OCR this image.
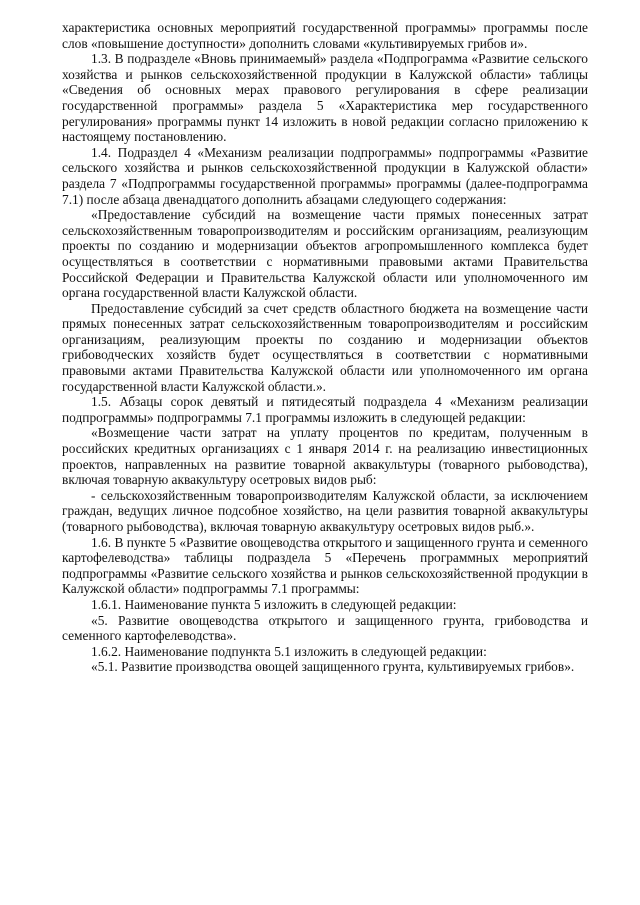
характеристика основных мероприятий государственной программы» программы после слов «повышение доступности» дополнить словами «культивируемых грибов и».

1.3. В подразделе «Вновь принимаемый» раздела «Подпрограмма «Развитие сельского хозяйства и рынков сельскохозяйственной продукции в Калужской области» таблицы «Сведения об основных мерах правового регулирования в сфере реализации государственной программы» раздела 5 «Характеристика мер государственного регулирования» программы пункт 14 изложить в новой редакции согласно приложению к настоящему постановлению.

1.4. Подраздел 4 «Механизм реализации подпрограммы» подпрограммы «Развитие сельского хозяйства и рынков сельскохозяйственной продукции в Калужской области» раздела 7 «Подпрограммы государственной программы» программы (далее-подпрограмма 7.1) после абзаца двенадцатого дополнить абзацами следующего содержания:

«Предоставление субсидий на возмещение части прямых понесенных затрат сельскохозяйственным товаропроизводителям и российским организациям, реализующим проекты по созданию и модернизации объектов агропромышленного комплекса будет осуществляться в соответствии с нормативными правовыми актами Правительства Российской Федерации и Правительства Калужской области или уполномоченного им органа государственной власти Калужской области.

Предоставление субсидий за счет средств областного бюджета на возмещение части прямых понесенных затрат сельскохозяйственным товаропроизводителям и российским организациям, реализующим проекты по созданию и модернизации объектов грибоводческих хозяйств будет осуществляться в соответствии с нормативными правовыми актами Правительства Калужской области или уполномоченного им органа государственной власти Калужской области.».

1.5. Абзацы сорок девятый и пятидесятый подраздела 4 «Механизм реализации подпрограммы» подпрограммы 7.1 программы изложить в следующей редакции:

«Возмещение части затрат на уплату процентов по кредитам, полученным в российских кредитных организациях с 1 января 2014 г. на реализацию инвестиционных проектов, направленных на развитие товарной аквакультуры (товарного рыбоводства), включая товарную аквакультуру осетровых видов рыб:

- сельскохозяйственным товаропроизводителям Калужской области, за исключением граждан, ведущих личное подсобное хозяйство, на цели развития товарной аквакультуры (товарного рыбоводства), включая товарную аквакультуру осетровых видов рыб.».

1.6. В пункте 5 «Развитие овощеводства открытого и защищенного грунта и семенного картофелеводства» таблицы подраздела 5 «Перечень программных мероприятий подпрограммы «Развитие сельского хозяйства и рынков сельскохозяйственной продукции в Калужской области» подпрограммы 7.1 программы:

1.6.1. Наименование пункта 5 изложить в следующей редакции:

«5. Развитие овощеводства открытого и защищенного грунта, грибоводства и семенного картофелеводства».

1.6.2. Наименование подпункта 5.1 изложить в следующей редакции:

«5.1. Развитие производства овощей защищенного грунта, культивируемых грибов».
